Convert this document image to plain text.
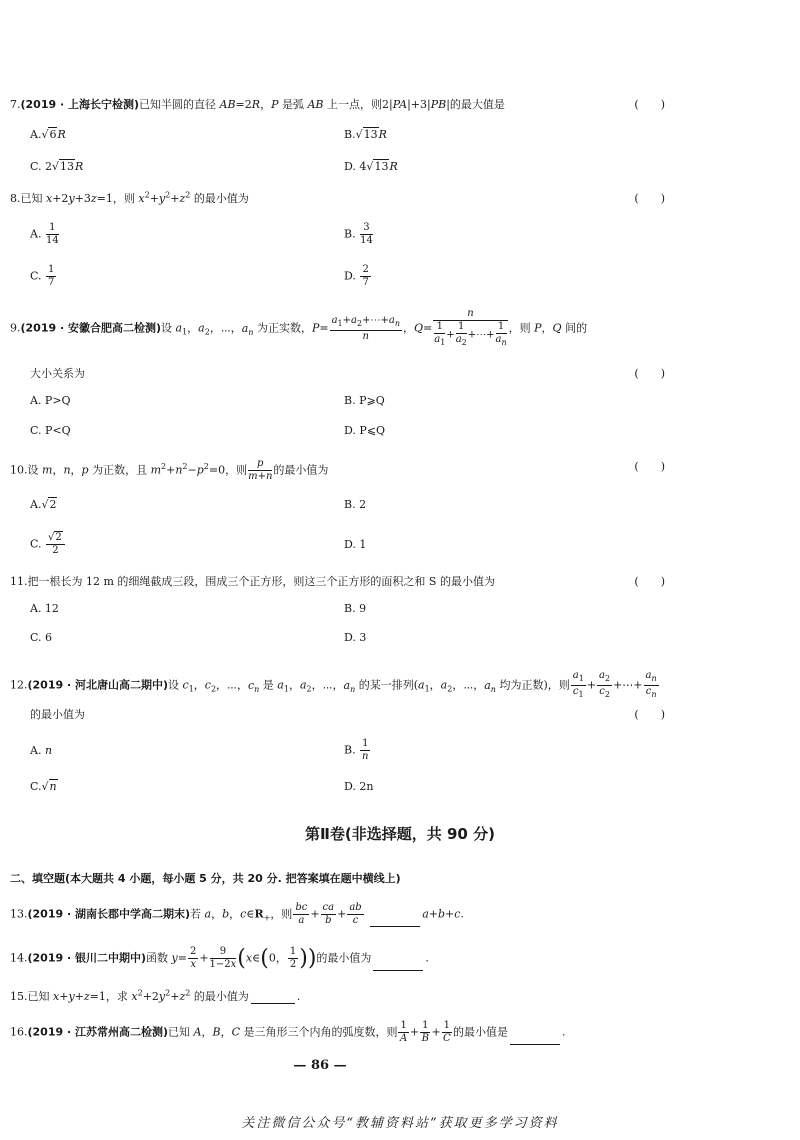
7.(2019 · 上海长宁检测)已知半圆的直径 AB=2R，P 是弧 AB 上一点，则2|PA|+3|PB|的最大值是	(　　)
A.√6R	B.√13R
C. 2√13R	D. 4√13R
8.已知 x+2y+3z=1，则 $x^2+y^2+z^2$ 的最小值为	(　　)
A. $\frac{1}{14}$	B. $\frac{3}{14}$
C. $\frac{1}{7}$	D. $\frac{2}{7}$
9.(2019 · 安徽合肥高二检测)设 $a_1$，$a_2$，⋯，$a_n$ 为正实数，$P= \frac{a_1+a_2+\cdots+a_n}{n}$ ，$Q= \frac{n}{\frac{1}{a_1} + \frac{1}{a_2} +\cdots+ \frac{1}{a_n}}$ ，则 P，Q 间的
大小关系为	(　　)
A. P>Q	B. P⩾Q
C. P<Q	D. P⩽Q
10.设 m，n，p 为正数，且 $m^2+n^2-p^2=0$，则 $\frac{p}{m+n}$ 的最小值为	(　　)
A.√2	B. 2
C. $\frac{√2}{2}$	D. 1
11.把一根长为 12 m 的细绳截成三段，围成三个正方形，则这三个正方形的面积之和 S 的最小值为	(　　)
A. 12	B. 9
C. 6	D. 3
12.(2019 · 河北唐山高二期中)设 $c_1$，$c_2$，⋯，$c_n$ 是 $a_1$，$a_2$，⋯，$a_n$ 的某一排列($a_1$，$a_2$，⋯，$a_n$ 均为正数)，则 $\frac{a_1}{c_1} + \frac{a_2}{c_2}$ +⋯+ $\frac{a_n}{c_n}$
的最小值为	(　　)
A. n	B. $\frac{1}{n}$
C.√n	D. 2n
第Ⅱ卷(非选择题，共 90 分)
二、填空题(本大题共 4 小题，每小题 5 分，共 20 分. 把答案填在题中横线上)
13.(2019 · 湖南长郡中学高二期末)若 a，b，$c\in R_+$，则 $\frac{bc}{a} + \frac{ca}{b} + \frac{ab}{c}$	a+b+c.
14.(2019 · 银川二中期中)函数 $y= \frac{2}{x} + \frac{9}{1-2x}$ (x∈(0， $\frac{1}{2}$ ))的最小值为	.
15.已知 x+y+z=1，求 $x^2+2y^2+z^2$ 的最小值为	.
16.(2019 · 江苏常州高二检测)已知 A，B，C 是三角形三个内角的弧度数，则 $\frac{1}{A} + \frac{1}{B} + \frac{1}{C}$ 的最小值是	.
— 86 —
关注微信公众号“教辅资料站”获取更多学习资料
